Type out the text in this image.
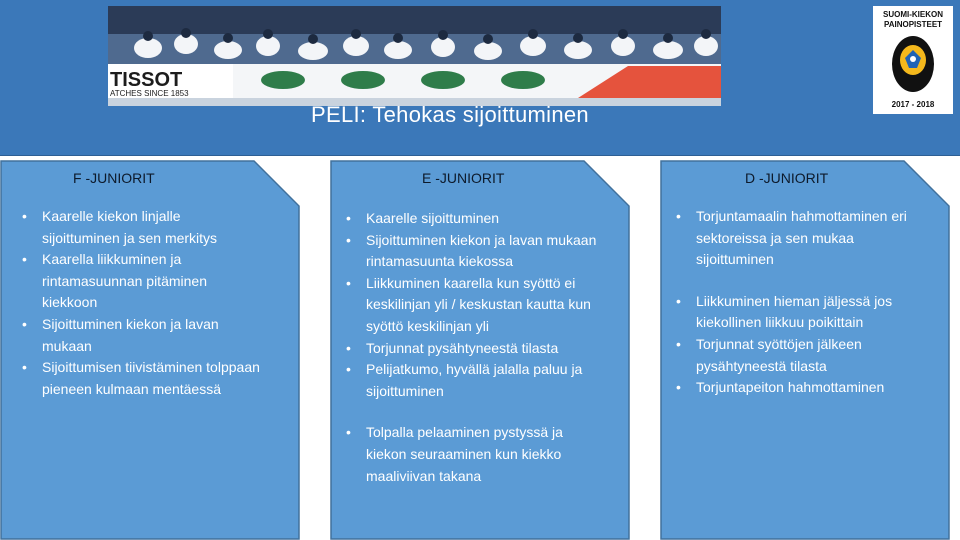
TISSOT
ATCHES SINCE 1853
SUOMI-KIEKON
PAINOPISTEET
2017 - 2018
PELI: Tehokas sijoittuminen
F -JUNIORIT
• Kaarelle kiekon linjalle sijoittuminen ja sen merkitys
• Kaarella liikkuminen ja rintamasuunnan pitäminen kiekkoon
• Sijoittuminen kiekon ja lavan mukaan
• Sijoittumisen tiivistäminen tolppaan pieneen kulmaan mentäessä
E -JUNIORIT
• Kaarelle sijoittuminen
• Sijoittuminen kiekon ja lavan mukaan rintamasuunta kiekossa
• Liikkuminen kaarella kun syöttö ei keskilinjan yli / keskustan kautta kun syöttö keskilinjan yli
• Torjunnat pysähtyneestä tilasta
• Pelijatkumo, hyvällä jalalla paluu ja sijoittuminen
• Tolpalla pelaaminen pystyssä ja kiekon seuraaminen kun kiekko maaliviivan takana
D -JUNIORIT
• Torjuntamaalin hahmottaminen eri sektoreissa ja sen mukaa sijoittuminen
• Liikkuminen hieman jäljessä jos kiekollinen liikkuu poikittain
• Torjunnat syöttöjen jälkeen pysähtyneestä tilasta
• Torjuntapeiton hahmottaminen
